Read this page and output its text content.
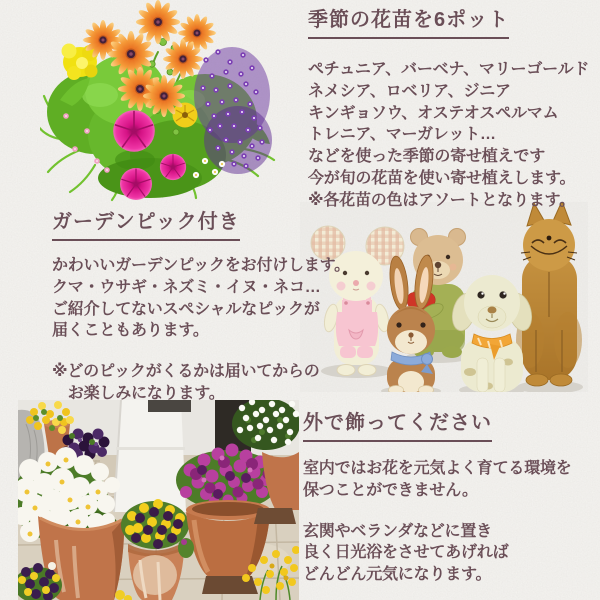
季節の花苗を6ポット
ペチュニア、バーベナ、マリーゴールド
ネメシア、ロベリア、ジニア
キンギョソウ、オステオスペルマム
トレニア、マーガレット…
などを使った季節の寄せ植えです
今が旬の花苗を使い寄せ植えします。
※各花苗の色はアソートとなります。
ガーデンピック付き
かわいいガーデンピックをお付けします。
クマ・ウサギ・ネズミ・イヌ・ネコ…
ご紹介してないスペシャルなピックが
届くこともあります。
※どのピックがくるかは届いてからの
　お楽しみになります。
外で飾ってください
室内ではお花を元気よく育てる環境を
保つことができません。
玄関やベランダなどに置き
良く日光浴をさせてあげれば
どんどん元気になります。
